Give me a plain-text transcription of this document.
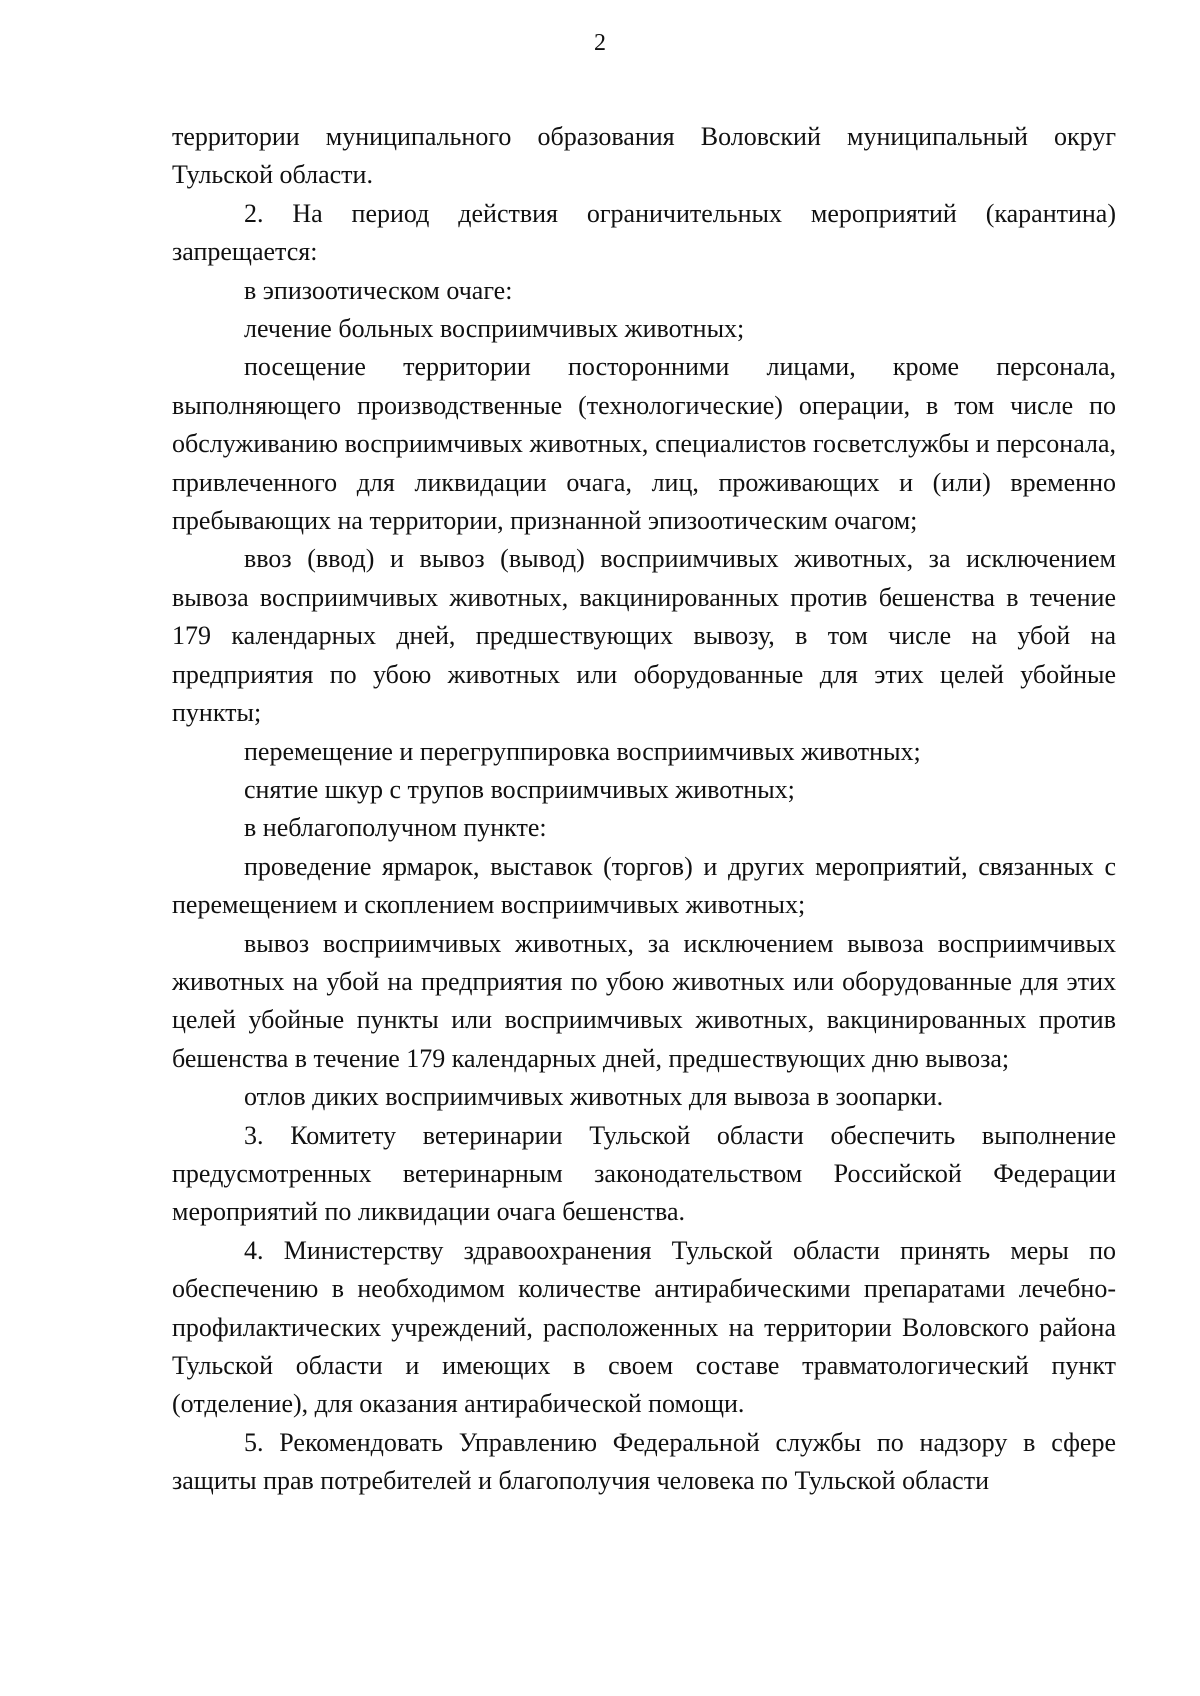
2

территории муниципального образования Воловский муниципальный округ Тульской области.

2. На период действия ограничительных мероприятий (карантина) запрещается:

в эпизоотическом очаге:

лечение больных восприимчивых животных;

посещение территории посторонними лицами, кроме персонала, выполняющего производственные (технологические) операции, в том числе по обслуживанию восприимчивых животных, специалистов госветслужбы и персонала, привлеченного для ликвидации очага, лиц, проживающих и (или) временно пребывающих на территории, признанной эпизоотическим очагом;

ввоз (ввод) и вывоз (вывод) восприимчивых животных, за исключением вывоза восприимчивых животных, вакцинированных против бешенства в течение 179 календарных дней, предшествующих вывозу, в том числе на убой на предприятия по убою животных или оборудованные для этих целей убойные пункты;

перемещение и перегруппировка восприимчивых животных;

снятие шкур с трупов восприимчивых животных;

в неблагополучном пункте:

проведение ярмарок, выставок (торгов) и других мероприятий, связанных с перемещением и скоплением восприимчивых животных;

вывоз восприимчивых животных, за исключением вывоза восприимчивых животных на убой на предприятия по убою животных или оборудованные для этих целей убойные пункты или восприимчивых животных, вакцинированных против бешенства в течение 179 календарных дней, предшествующих дню вывоза;

отлов диких восприимчивых животных для вывоза в зоопарки.

3. Комитету ветеринарии Тульской области обеспечить выполнение предусмотренных ветеринарным законодательством Российской Федерации мероприятий по ликвидации очага бешенства.

4. Министерству здравоохранения Тульской области принять меры по обеспечению в необходимом количестве антирабическими препаратами лечебно-профилактических учреждений, расположенных на территории Воловского района Тульской области и имеющих в своем составе травматологический пункт (отделение), для оказания антирабической помощи.

5. Рекомендовать Управлению Федеральной службы по надзору в сфере защиты прав потребителей и благополучия человека по Тульской области
